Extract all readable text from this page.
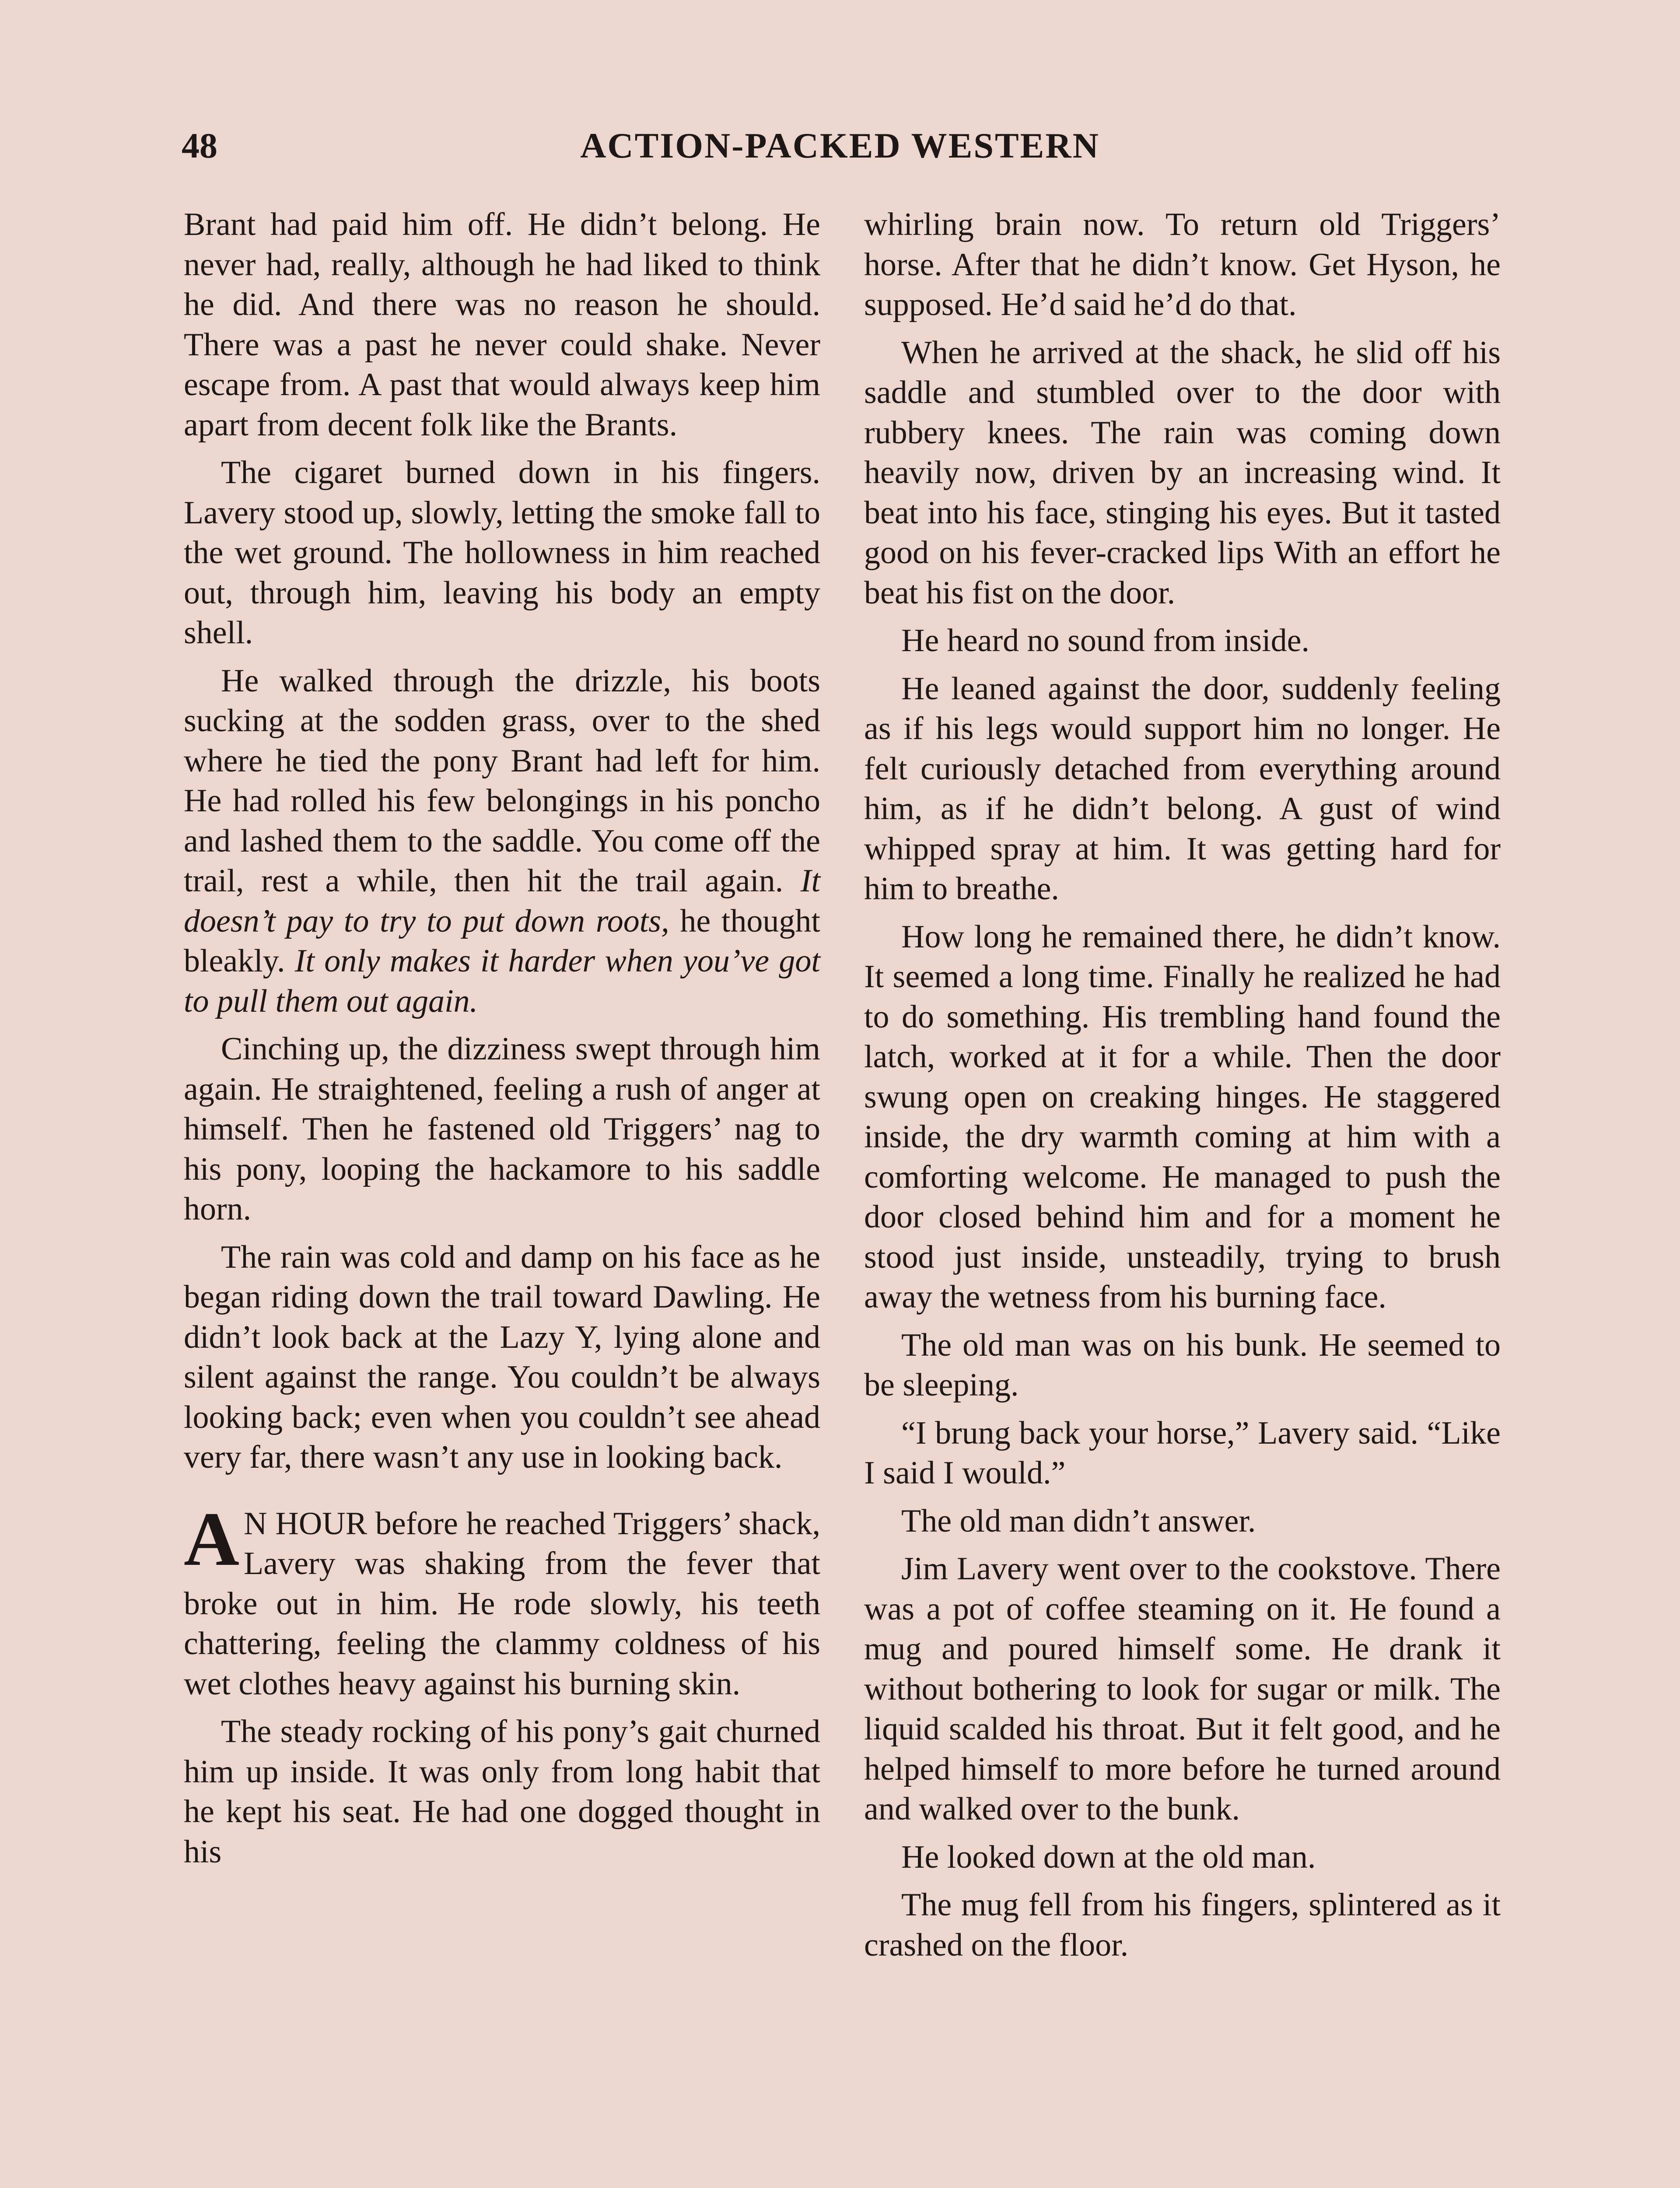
48	ACTION-PACKED WESTERN

Brant had paid him off. He didn’t belong. He never had, really, although he had liked to think he did. And there was no reason he should. There was a past he never could shake. Never escape from. A past that would always keep him apart from decent folk like the Brants.

The cigaret burned down in his fingers. Lavery stood up, slowly, letting the smoke fall to the wet ground. The hollowness in him reached out, through him, leaving his body an empty shell.

He walked through the drizzle, his boots sucking at the sodden grass, over to the shed where he tied the pony Brant had left for him. He had rolled his few belongings in his poncho and lashed them to the saddle. You come off the trail, rest a while, then hit the trail again. It doesn’t pay to try to put down roots, he thought bleakly. It only makes it harder when you’ve got to pull them out again.

Cinching up, the dizziness swept through him again. He straightened, feeling a rush of anger at himself. Then he fastened old Triggers’ nag to his pony, looping the hackamore to his saddle horn.

The rain was cold and damp on his face as he began riding down the trail toward Dawling. He didn’t look back at the Lazy Y, lying alone and silent against the range. You couldn’t be always looking back; even when you couldn’t see ahead very far, there wasn’t any use in looking back.

A N HOUR before he reached Triggers’ shack, Lavery was shaking from the fever that broke out in him. He rode slowly, his teeth chattering, feeling the clammy coldness of his wet clothes heavy against his burning skin.

The steady rocking of his pony’s gait churned him up inside. It was only from long habit that he kept his seat. He had one dogged thought in his

whirling brain now. To return old Triggers’ horse. After that he didn’t know. Get Hyson, he supposed. He’d said he’d do that.

When he arrived at the shack, he slid off his saddle and stumbled over to the door with rubbery knees. The rain was coming down heavily now, driven by an increasing wind. It beat into his face, stinging his eyes. But it tasted good on his fever-cracked lips With an effort he beat his fist on the door.

He heard no sound from inside.

He leaned against the door, suddenly feeling as if his legs would support him no longer. He felt curiously detached from everything around him, as if he didn’t belong. A gust of wind whipped spray at him. It was getting hard for him to breathe.

How long he remained there, he didn’t know. It seemed a long time. Finally he realized he had to do something. His trembling hand found the latch, worked at it for a while. Then the door swung open on creaking hinges. He staggered inside, the dry warmth coming at him with a comforting welcome. He managed to push the door closed behind him and for a moment he stood just inside, unsteadily, trying to brush away the wetness from his burning face.

The old man was on his bunk. He seemed to be sleeping.

“I brung back your horse,” Lavery said. “Like I said I would.”

The old man didn’t answer.

Jim Lavery went over to the cookstove. There was a pot of coffee steaming on it. He found a mug and poured himself some. He drank it without bothering to look for sugar or milk. The liquid scalded his throat. But it felt good, and he helped himself to more before he turned around and walked over to the bunk.

He looked down at the old man.

The mug fell from his fingers, splintered as it crashed on the floor.
